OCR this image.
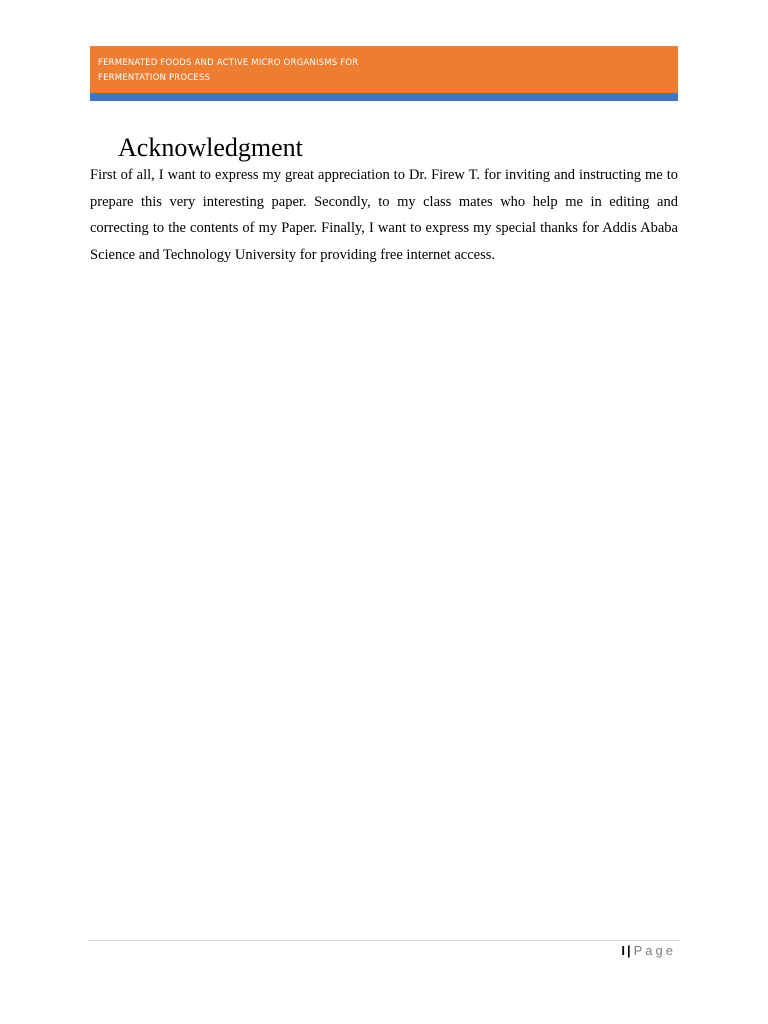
FERMENATED FOODS AND ACTIVE MICRO ORGANISMS FOR
FERMENTATION PROCESS
Acknowledgment

First of all, I want to express my great appreciation to Dr. Firew T. for inviting and instructing me to prepare this very interesting paper. Secondly, to my class mates who help me in editing and correcting to the contents of my Paper. Finally, I want to express my special thanks for Addis Ababa Science and Technology University for providing free internet access.

I | Page
